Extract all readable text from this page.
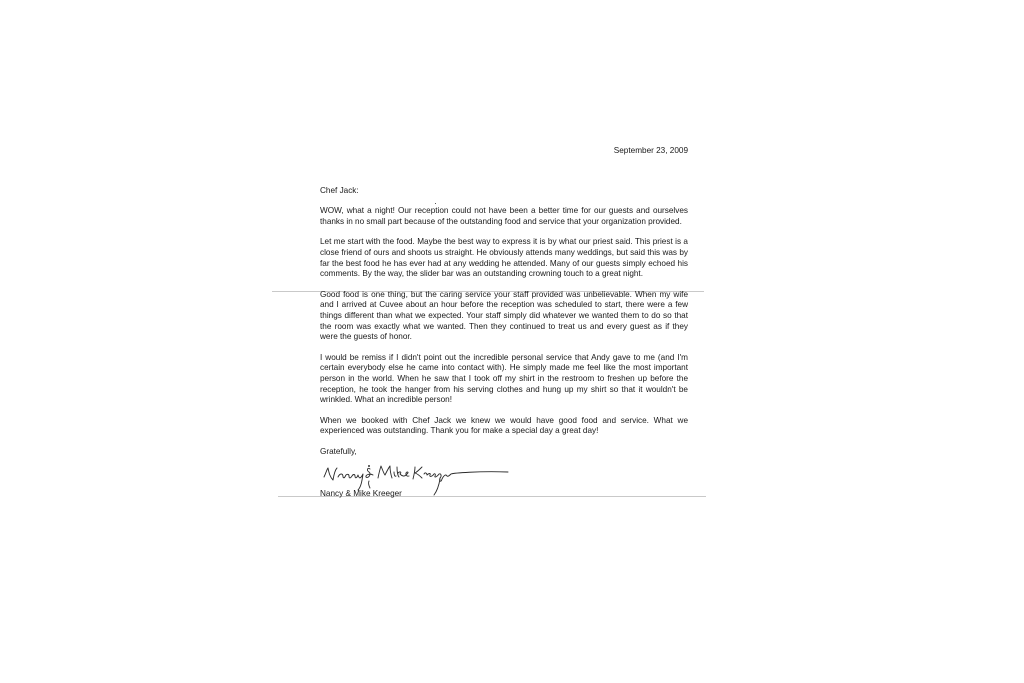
September 23, 2009

Chef Jack:

WOW, what a night! Our reception could not have been a better time for our guests and ourselves thanks in no small part because of the outstanding food and service that your organization provided.

Let me start with the food. Maybe the best way to express it is by what our priest said. This priest is a close friend of ours and shoots us straight. He obviously attends many weddings, but said this was by far the best food he has ever had at any wedding he attended. Many of our guests simply echoed his comments. By the way, the slider bar was an outstanding crowning touch to a great night.

Good food is one thing, but the caring service your staff provided was unbelievable. When my wife and I arrived at Cuvee about an hour before the reception was scheduled to start, there were a few things different than what we expected. Your staff simply did whatever we wanted them to do so that the room was exactly what we wanted. Then they continued to treat us and every guest as if they were the guests of honor.

I would be remiss if I didn't point out the incredible personal service that Andy gave to me (and I'm certain everybody else he came into contact with). He simply made me feel like the most important person in the world. When he saw that I took off my shirt in the restroom to freshen up before the reception, he took the hanger from his serving clothes and hung up my shirt so that it wouldn't be wrinkled. What an incredible person!

When we booked with Chef Jack we knew we would have good food and service. What we experienced was outstanding. Thank you for make a special day a great day!

Gratefully,

Nancy & Mike Kreeger
